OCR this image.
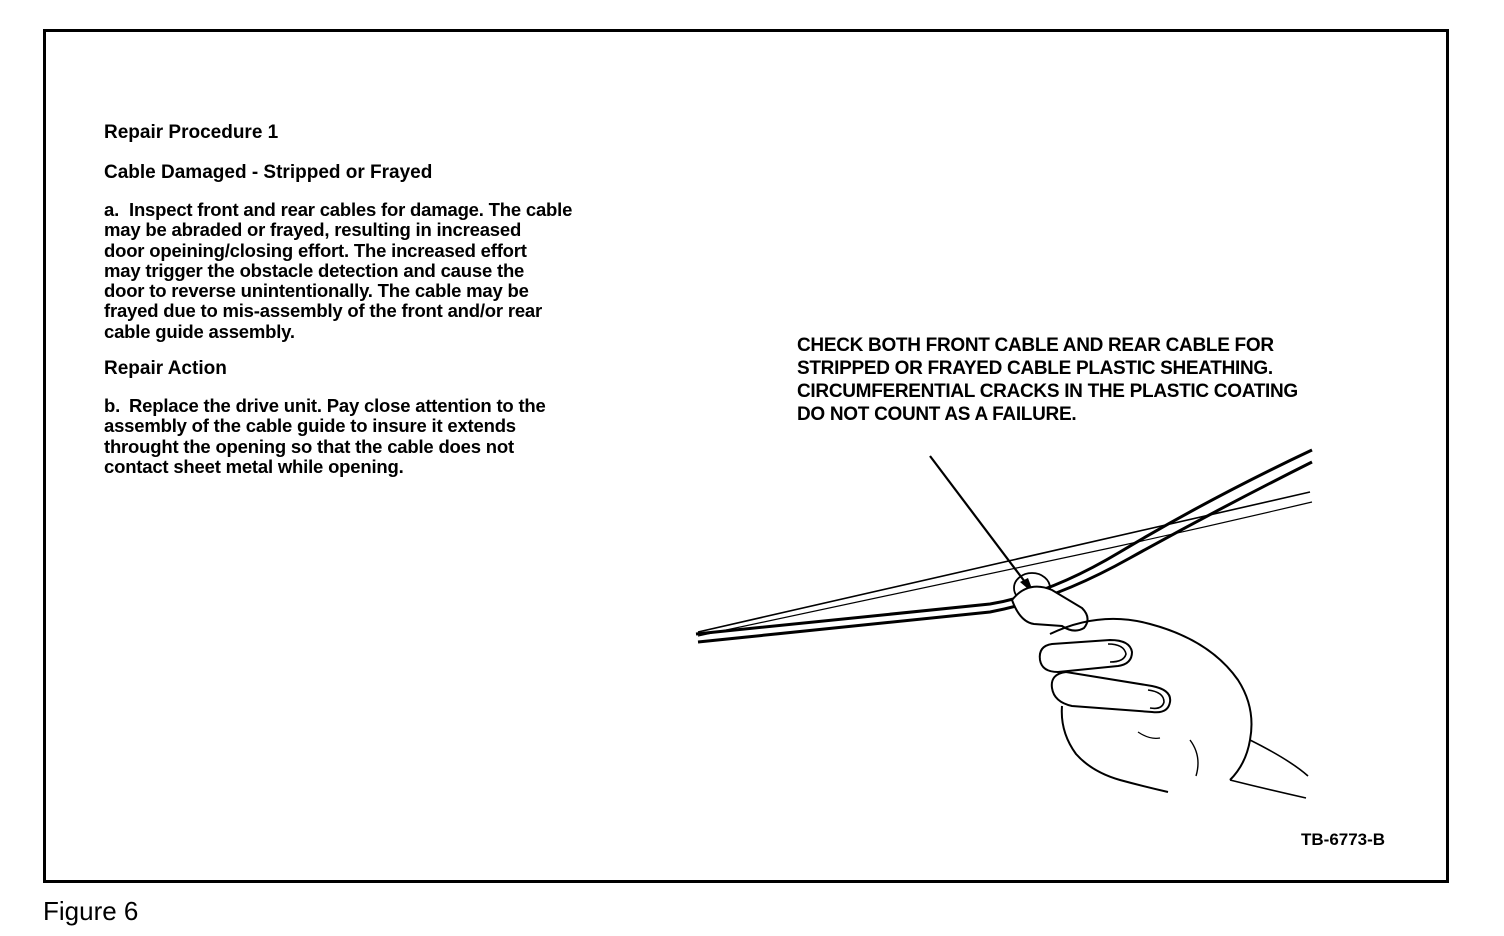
Repair Procedure 1

Cable Damaged - Stripped or Frayed

a. Inspect front and rear cables for damage. The cable
may be abraded or frayed, resulting in increased
door opeining/closing effort. The increased effort
may trigger the obstacle detection and cause the
door to reverse unintentionally. The cable may be
frayed due to mis-assembly of the front and/or rear
cable guide assembly.

Repair Action

b. Replace the drive unit. Pay close attention to the
assembly of the cable guide to insure it extends
throught the opening so that the cable does not
contact sheet metal while opening.
CHECK BOTH FRONT CABLE AND REAR CABLE FOR
STRIPPED OR FRAYED CABLE PLASTIC SHEATHING.
CIRCUMFERENTIAL CRACKS IN THE PLASTIC COATING
DO NOT COUNT AS A FAILURE.
TB-6773-B
Figure 6
